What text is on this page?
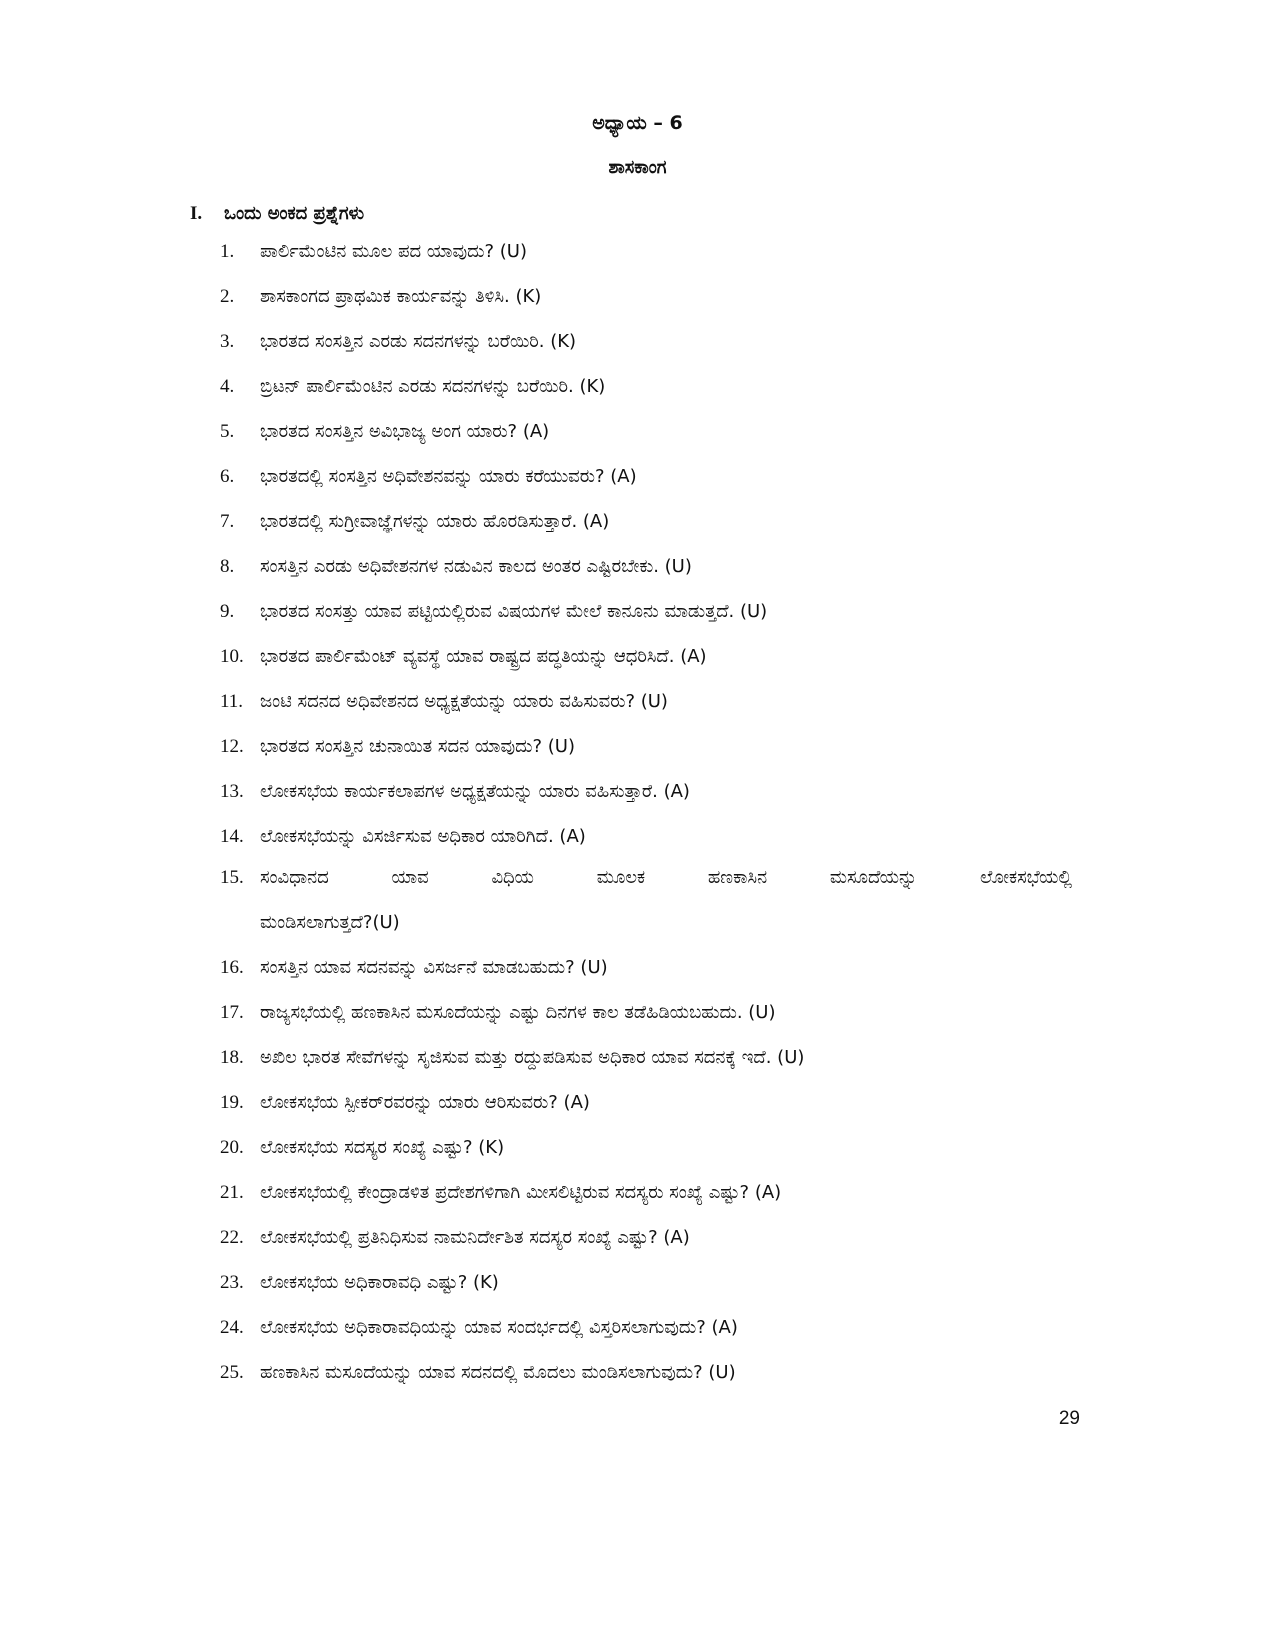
ಅಧ್ಯಾಯ – 6
ಶಾಸಕಾಂಗ
I. ಒಂದು ಅಂಕದ ಪ್ರಶ್ನೆಗಳು
1. ಪಾರ್ಲಿಮೆಂಟಿನ ಮೂಲ ಪದ ಯಾವುದು? (U)
2. ಶಾಸಕಾಂಗದ ಪ್ರಾಥಮಿಕ ಕಾರ್ಯವನ್ನು ತಿಳಿಸಿ. (K)
3. ಭಾರತದ ಸಂಸತ್ತಿನ ಎರಡು ಸದನಗಳನ್ನು ಬರೆಯಿರಿ. (K)
4. ಬ್ರಿಟನ್ ಪಾರ್ಲಿಮೆಂಟಿನ ಎರಡು ಸದನಗಳನ್ನು ಬರೆಯಿರಿ. (K)
5. ಭಾರತದ ಸಂಸತ್ತಿನ ಅವಿಭಾಜ್ಯ ಅಂಗ ಯಾರು? (A)
6. ಭಾರತದಲ್ಲಿ ಸಂಸತ್ತಿನ ಅಧಿವೇಶನವನ್ನು ಯಾರು ಕರೆಯುವರು? (A)
7. ಭಾರತದಲ್ಲಿ ಸುಗ್ರೀವಾಜ್ಞೆಗಳನ್ನು ಯಾರು ಹೊರಡಿಸುತ್ತಾರೆ. (A)
8. ಸಂಸತ್ತಿನ ಎರಡು ಅಧಿವೇಶನಗಳ ನಡುವಿನ ಕಾಲದ ಅಂತರ ಎಷ್ಟಿರಬೇಕು. (U)
9. ಭಾರತದ ಸಂಸತ್ತು ಯಾವ ಪಟ್ಟಿಯಲ್ಲಿರುವ ವಿಷಯಗಳ ಮೇಲೆ ಕಾನೂನು ಮಾಡುತ್ತದೆ. (U)
10. ಭಾರತದ ಪಾರ್ಲಿಮೆಂಟ್ ವ್ಯವಸ್ಥೆ ಯಾವ ರಾಷ್ಟ್ರದ ಪದ್ಧತಿಯನ್ನು ಆಧರಿಸಿದೆ. (A)
11. ಜಂಟಿ ಸದನದ ಅಧಿವೇಶನದ ಅಧ್ಯಕ್ಷತೆಯನ್ನು ಯಾರು ವಹಿಸುವರು? (U)
12. ಭಾರತದ ಸಂಸತ್ತಿನ ಚುನಾಯಿತ ಸದನ ಯಾವುದು? (U)
13. ಲೋಕಸಭೆಯ ಕಾರ್ಯಕಲಾಪಗಳ ಅಧ್ಯಕ್ಷತೆಯನ್ನು ಯಾರು ವಹಿಸುತ್ತಾರೆ. (A)
14. ಲೋಕಸಭೆಯನ್ನು ವಿಸರ್ಜಿಸುವ ಅಧಿಕಾರ ಯಾರಿಗಿದೆ. (A)
15. ಸಂವಿಧಾನದ ಯಾವ ವಿಧಿಯ ಮೂಲಕ ಹಣಕಾಸಿನ ಮಸೂದೆಯನ್ನು ಲೋಕಸಭೆಯಲ್ಲಿ
ಮಂಡಿಸಲಾಗುತ್ತದೆ?(U)
16. ಸಂಸತ್ತಿನ ಯಾವ ಸದನವನ್ನು ವಿಸರ್ಜನೆ ಮಾಡಬಹುದು? (U)
17. ರಾಜ್ಯಸಭೆಯಲ್ಲಿ ಹಣಕಾಸಿನ ಮಸೂದೆಯನ್ನು ಎಷ್ಟು ದಿನಗಳ ಕಾಲ ತಡೆಹಿಡಿಯಬಹುದು. (U)
18. ಅಖಿಲ ಭಾರತ ಸೇವೆಗಳನ್ನು ಸೃಜಿಸುವ ಮತ್ತು ರದ್ದುಪಡಿಸುವ ಅಧಿಕಾರ ಯಾವ ಸದನಕ್ಕೆ ಇದೆ. (U)
19. ಲೋಕಸಭೆಯ ಸ್ಪೀಕರ್‌ರವರನ್ನು ಯಾರು ಆರಿಸುವರು? (A)
20. ಲೋಕಸಭೆಯ ಸದಸ್ಯರ ಸಂಖ್ಯೆ ಎಷ್ಟು? (K)
21. ಲೋಕಸಭೆಯಲ್ಲಿ ಕೇಂದ್ರಾಡಳಿತ ಪ್ರದೇಶಗಳಿಗಾಗಿ ಮೀಸಲಿಟ್ಟಿರುವ ಸದಸ್ಯರು ಸಂಖ್ಯೆ ಎಷ್ಟು? (A)
22. ಲೋಕಸಭೆಯಲ್ಲಿ ಪ್ರತಿನಿಧಿಸುವ ನಾಮನಿರ್ದೇಶಿತ ಸದಸ್ಯರ ಸಂಖ್ಯೆ ಎಷ್ಟು? (A)
23. ಲೋಕಸಭೆಯ ಅಧಿಕಾರಾವಧಿ ಎಷ್ಟು? (K)
24. ಲೋಕಸಭೆಯ ಅಧಿಕಾರಾವಧಿಯನ್ನು ಯಾವ ಸಂದರ್ಭದಲ್ಲಿ ವಿಸ್ತರಿಸಲಾಗುವುದು? (A)
25. ಹಣಕಾಸಿನ ಮಸೂದೆಯನ್ನು ಯಾವ ಸದನದಲ್ಲಿ ಮೊದಲು ಮಂಡಿಸಲಾಗುವುದು? (U)
29
